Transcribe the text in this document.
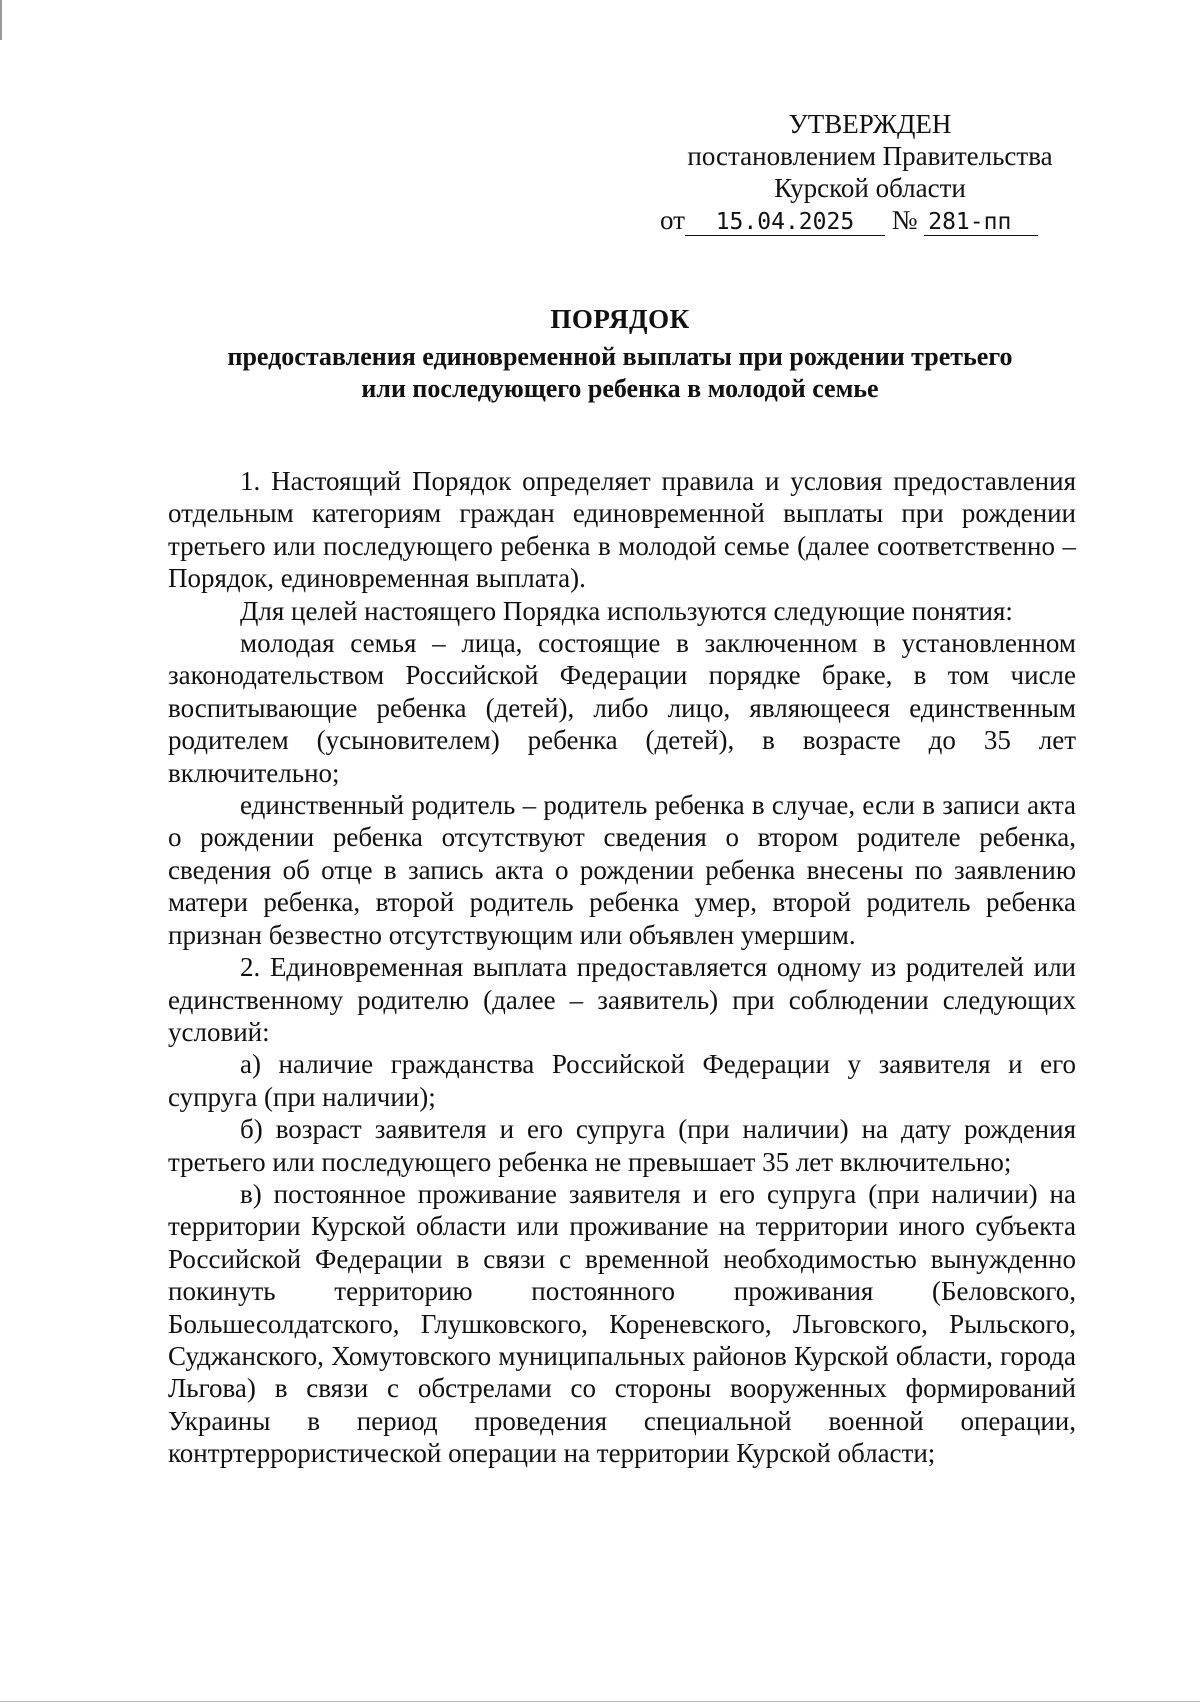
УТВЕРЖДЕН
постановлением Правительства
Курской области
от 15.04.2025 № 281-пп
ПОРЯДОК
предоставления единовременной выплаты при рождении третьего
или последующего ребенка в молодой семье

1. Настоящий Порядок определяет правила и условия предоставления отдельным категориям граждан единовременной выплаты при рождении третьего или последующего ребенка в молодой семье (далее соответственно – Порядок, единовременная выплата).

Для целей настоящего Порядка используются следующие понятия:

молодая семья – лица, состоящие в заключенном в установленном законодательством Российской Федерации порядке браке, в том числе воспитывающие ребенка (детей), либо лицо, являющееся единственным родителем (усыновителем) ребенка (детей), в возрасте до 35 лет включительно;

единственный родитель – родитель ребенка в случае, если в записи акта о рождении ребенка отсутствуют сведения о втором родителе ребенка, сведения об отце в запись акта о рождении ребенка внесены по заявлению матери ребенка, второй родитель ребенка умер, второй родитель ребенка признан безвестно отсутствующим или объявлен умершим.

2. Единовременная выплата предоставляется одному из родителей или единственному родителю (далее – заявитель) при соблюдении следующих условий:

а) наличие гражданства Российской Федерации у заявителя и его супруга (при наличии);

б) возраст заявителя и его супруга (при наличии) на дату рождения третьего или последующего ребенка не превышает 35 лет включительно;

в) постоянное проживание заявителя и его супруга (при наличии) на территории Курской области или проживание на территории иного субъекта Российской Федерации в связи с временной необходимостью вынужденно покинуть территорию постоянного проживания (Беловского, Большесолдатского, Глушковского, Кореневского, Льговского, Рыльского, Суджанского, Хомутовского муниципальных районов Курской области, города Льгова) в связи с обстрелами со стороны вооруженных формирований Украины в период проведения специальной военной операции, контртеррористической операции на территории Курской области;
